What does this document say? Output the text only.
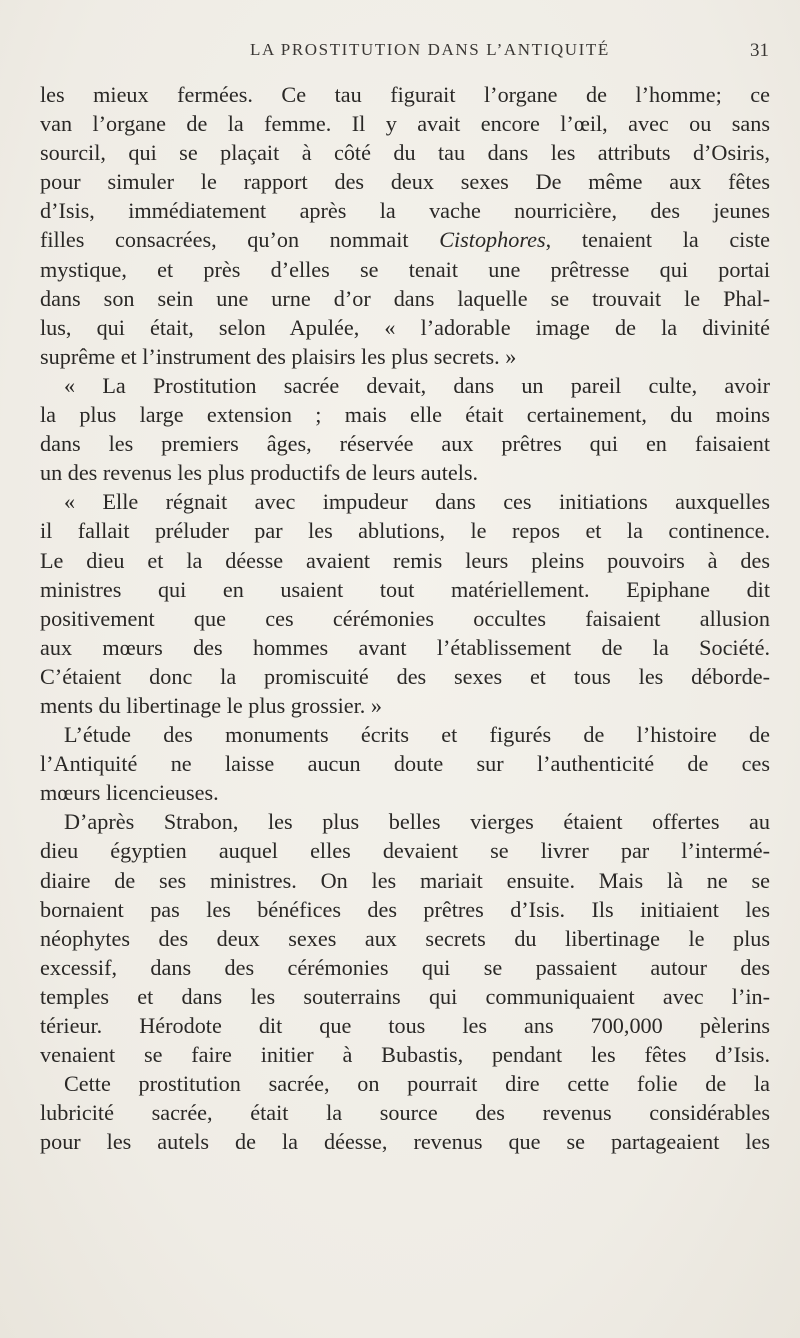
LA PROSTITUTION DANS L’ANTIQUITÉ	31
les mieux fermées. Ce tau figurait l’organe de l’homme; ce
van l’organe de la femme. Il y avait encore l’œil, avec ou sans
sourcil, qui se plaçait à côté du tau dans les attributs d’Osiris,
pour simuler le rapport des deux sexes De même aux fêtes
d’Isis, immédiatement après la vache nourricière, des jeunes
filles consacrées, qu’on nommait Cistophores, tenaient la ciste
mystique, et près d’elles se tenait une prêtresse qui portai
dans son sein une urne d’or dans laquelle se trouvait le Phal-
lus, qui était, selon Apulée, « l’adorable image de la divinité
suprême et l’instrument des plaisirs les plus secrets. »
« La Prostitution sacrée devait, dans un pareil culte, avoir
la plus large extension ; mais elle était certainement, du moins
dans les premiers âges, réservée aux prêtres qui en faisaient
un des revenus les plus productifs de leurs autels.
« Elle régnait avec impudeur dans ces initiations auxquelles
il fallait préluder par les ablutions, le repos et la continence.
Le dieu et la déesse avaient remis leurs pleins pouvoirs à des
ministres qui en usaient tout matériellement. Epiphane dit
positivement que ces cérémonies occultes faisaient allusion
aux mœurs des hommes avant l’établissement de la Société.
C’étaient donc la promiscuité des sexes et tous les déborde-
ments du libertinage le plus grossier. »
L’étude des monuments écrits et figurés de l’histoire de
l’Antiquité ne laisse aucun doute sur l’authenticité de ces
mœurs licencieuses.
D’après Strabon, les plus belles vierges étaient offertes au
dieu égyptien auquel elles devaient se livrer par l’intermé-
diaire de ses ministres. On les mariait ensuite. Mais là ne se
bornaient pas les bénéfices des prêtres d’Isis. Ils initiaient les
néophytes des deux sexes aux secrets du libertinage le plus
excessif, dans des cérémonies qui se passaient autour des
temples et dans les souterrains qui communiquaient avec l’in-
térieur. Hérodote dit que tous les ans 700,000 pèlerins
venaient se faire initier à Bubastis, pendant les fêtes d’Isis.
Cette prostitution sacrée, on pourrait dire cette folie de la
lubricité sacrée, était la source des revenus considérables
pour les autels de la déesse, revenus que se partageaient les
